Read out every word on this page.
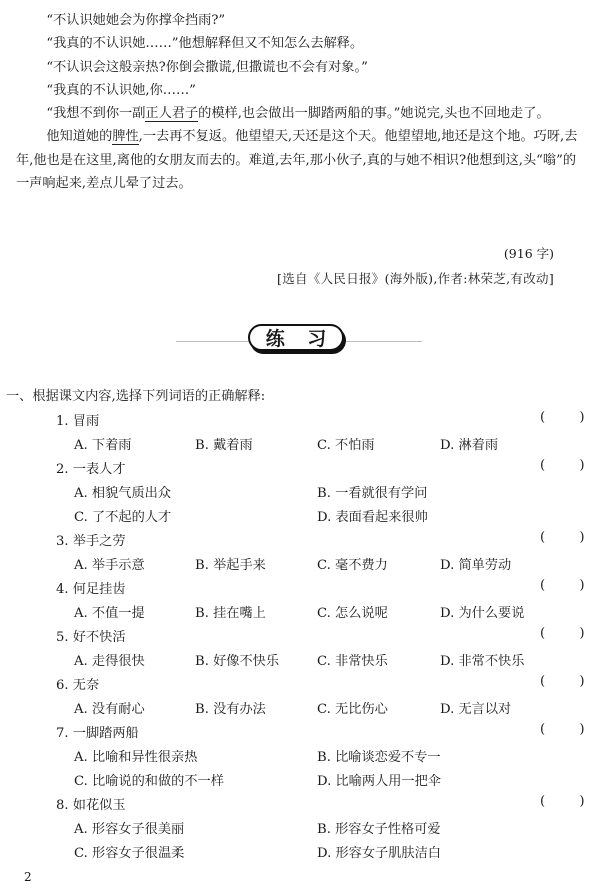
“不认识她她会为你撑伞挡雨?”

“我真的不认识她……”他想解释但又不知怎么去解释。

“不认识会这般亲热?你倒会撒谎,但撒谎也不会有对象。”

“我真的不认识她,你……”

“我想不到你一副正人君子的模样,也会做出一脚踏两船的事。”她说完,头也不回地走了。

他知道她的脾性,一去再不复返。他望望天,天还是这个天。他望望地,地还是这个地。巧呀,去年,他也是在这里,离他的女朋友而去的。难道,去年,那小伙子,真的与她不相识?他想到这,头“嗡”的一声响起来,差点儿晕了过去。

(916 字)
[选自《人民日报》(海外版),作者:林荣芝,有改动]
练 习
一、根据课文内容,选择下列词语的正确解释:
1. 冒雨	( )
A. 下着雨	B. 戴着雨	C. 不怕雨	D. 淋着雨
2. 一表人才	( )
A. 相貌气质出众	B. 一看就很有学问
C. 了不起的人才	D. 表面看起来很帅
3. 举手之劳	( )
A. 举手示意	B. 举起手来	C. 毫不费力	D. 简单劳动
4. 何足挂齿	( )
A. 不值一提	B. 挂在嘴上	C. 怎么说呢	D. 为什么要说
5. 好不快活	( )
A. 走得很快	B. 好像不快乐	C. 非常快乐	D. 非常不快乐
6. 无奈	( )
A. 没有耐心	B. 没有办法	C. 无比伤心	D. 无言以对
7. 一脚踏两船	( )
A. 比喻和异性很亲热	B. 比喻谈恋爱不专一
C. 比喻说的和做的不一样	D. 比喻两人用一把伞
8. 如花似玉	( )
A. 形容女子很美丽	B. 形容女子性格可爱
C. 形容女子很温柔	D. 形容女子肌肤洁白
2
